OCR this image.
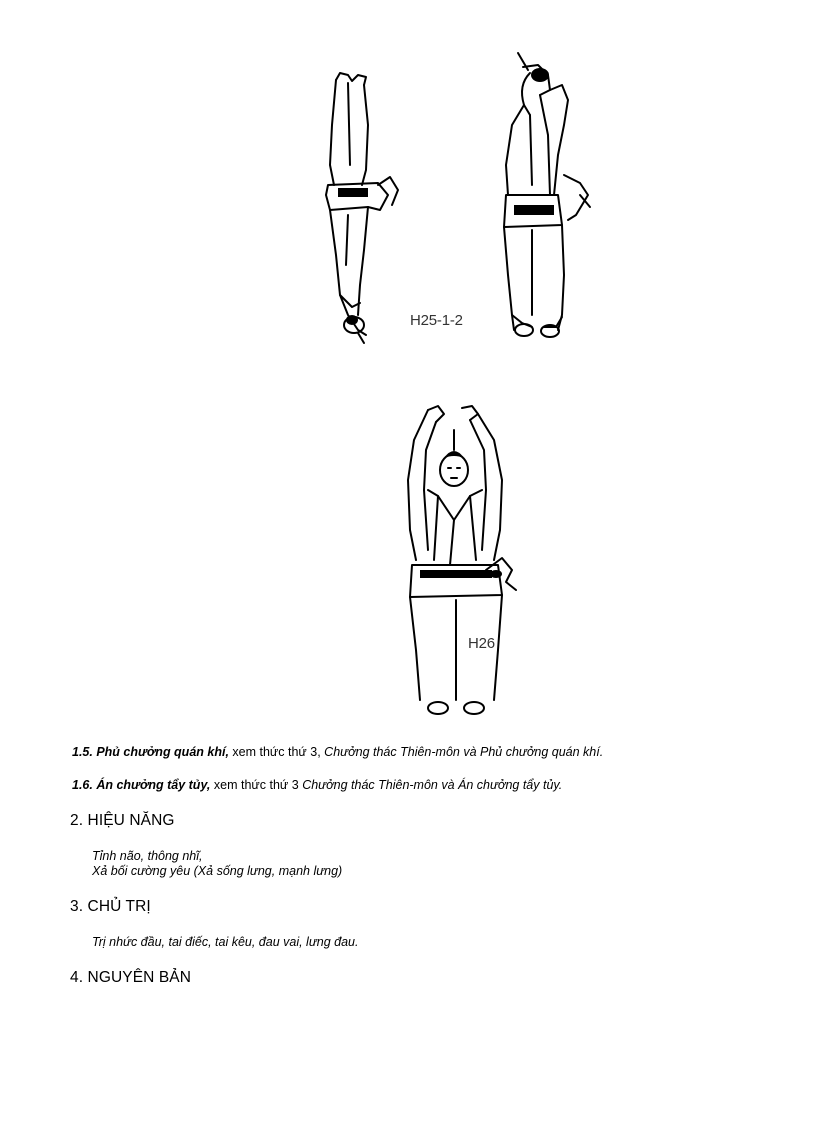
H25-1-2
H26
1.5. Phủ chưởng quán khí, xem thức thứ 3, Chưởng thác Thiên-môn và Phủ chưởng quán khí.
1.6. Án chưởng tẩy tủy, xem thức thứ 3 Chưởng thác Thiên-môn và Án chưởng tẩy tủy.
2. HIỆU NĂNG
Tỉnh não, thông nhĩ,
Xả bối cường yêu (Xả sống lưng, mạnh lưng)
3. CHỦ TRỊ
Trị nhức đầu, tai điếc, tai kêu, đau vai, lưng đau.
4. NGUYÊN BẢN
